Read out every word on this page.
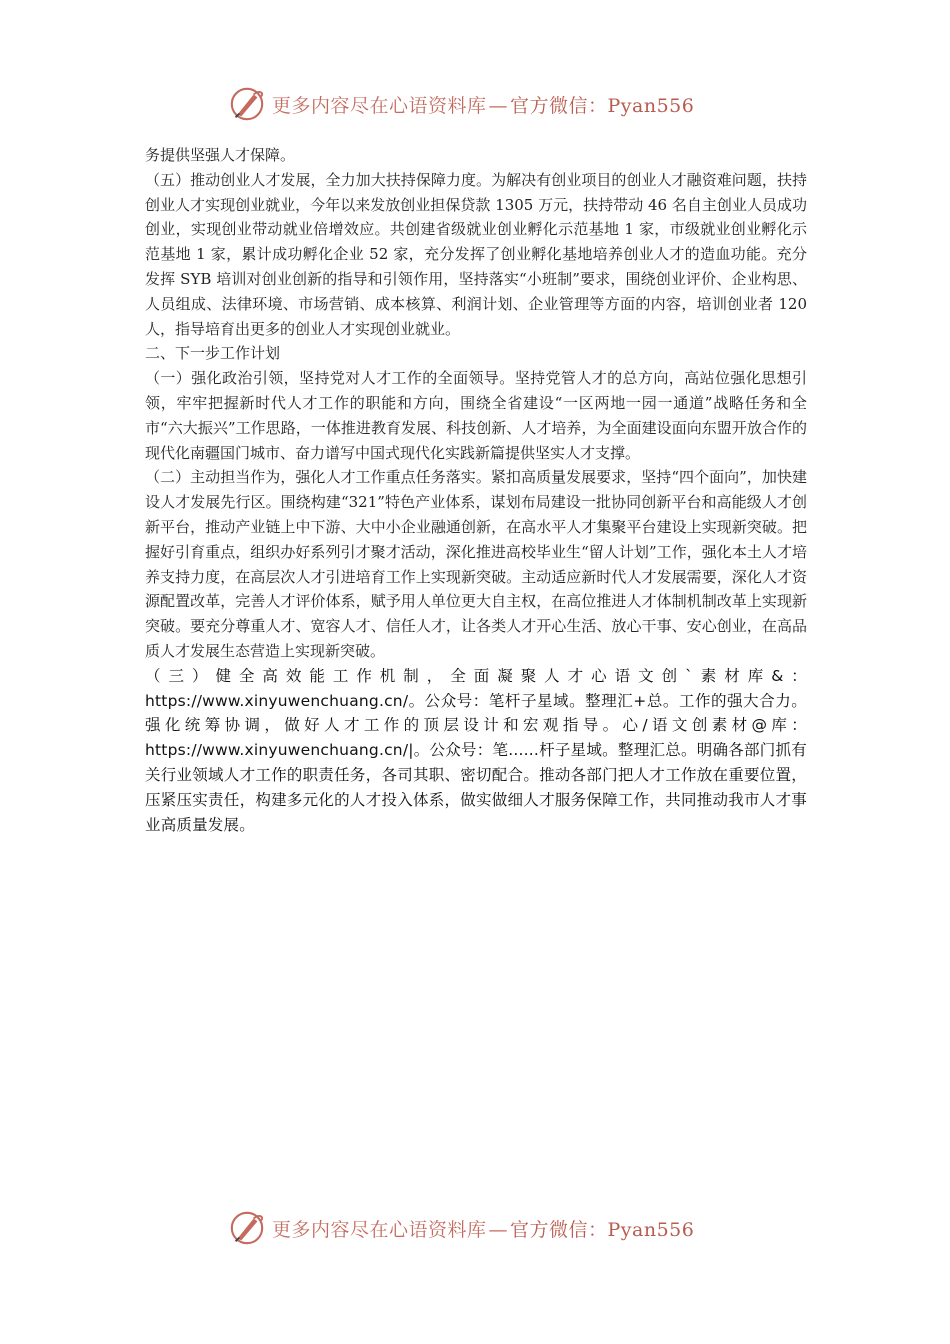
更多内容尽在心语资料库 — 官方微信：Pyan556

务提供坚强人才保障。

（五）推动创业人才发展，全力加大扶持保障力度。为解决有创业项目的创业人才融资难问题，扶持创业人才实现创业就业，今年以来发放创业担保贷款 1305 万元，扶持带动 46 名自主创业人员成功创业，实现创业带动就业倍增效应。共创建省级就业创业孵化示范基地 1 家，市级就业创业孵化示范基地 1 家，累计成功孵化企业 52 家，充分发挥了创业孵化基地培养创业人才的造血功能。充分发挥 SYB 培训对创业创新的指导和引领作用，坚持落实“小班制”要求，围绕创业评价、企业构思、人员组成、法律环境、市场营销、成本核算、利润计划、企业管理等方面的内容，培训创业者 120 人，指导培育出更多的创业人才实现创业就业。

二、下一步工作计划

（一）强化政治引领，坚持党对人才工作的全面领导。坚持党管人才的总方向，高站位强化思想引领，牢牢把握新时代人才工作的职能和方向，围绕全省建设“一区两地一园一通道”战略任务和全市“六大振兴”工作思路，一体推进教育发展、科技创新、人才培养，为全面建设面向东盟开放合作的现代化南疆国门城市、奋力谱写中国式现代化实践新篇提供坚实人才支撑。

（二）主动担当作为，强化人才工作重点任务落实。紧扣高质量发展要求，坚持“四个面向”，加快建设人才发展先行区。围绕构建“321”特色产业体系，谋划布局建设一批协同创新平台和高能级人才创新平台，推动产业链上中下游、大中小企业融通创新，在高水平人才集聚平台建设上实现新突破。把握好引育重点，组织办好系列引才聚才活动，深化推进高校毕业生“留人计划”工作，强化本土人才培养支持力度，在高层次人才引进培育工作上实现新突破。主动适应新时代人才发展需要，深化人才资源配置改革，完善人才评价体系，赋予用人单位更大自主权，在高位推进人才体制机制改革上实现新突破。要充分尊重人才、宽容人才、信任人才，让各类人才开心生活、放心干事、安心创业，在高品质人才发展生态营造上实现新突破。

（三）健全高效能工作机制，全面凝聚人才心语文创`素材库&：https://www.xinyuwenchuang.cn/。公众号：笔杆子星域。整理汇+总。工作的强大合力。强化统筹协调，做好人才工作的顶层设计和宏观指导。心/语文创素材@库：https://www.xinyuwenchuang.cn/|。公众号：笔......杆子星域。整理汇总。明确各部门抓有关行业领域人才工作的职责任务，各司其职、密切配合。推动各部门把人才工作放在重要位置，压紧压实责任，构建多元化的人才投入体系，做实做细人才服务保障工作，共同推动我市人才事业高质量发展。

更多内容尽在心语资料库 — 官方微信：Pyan556
